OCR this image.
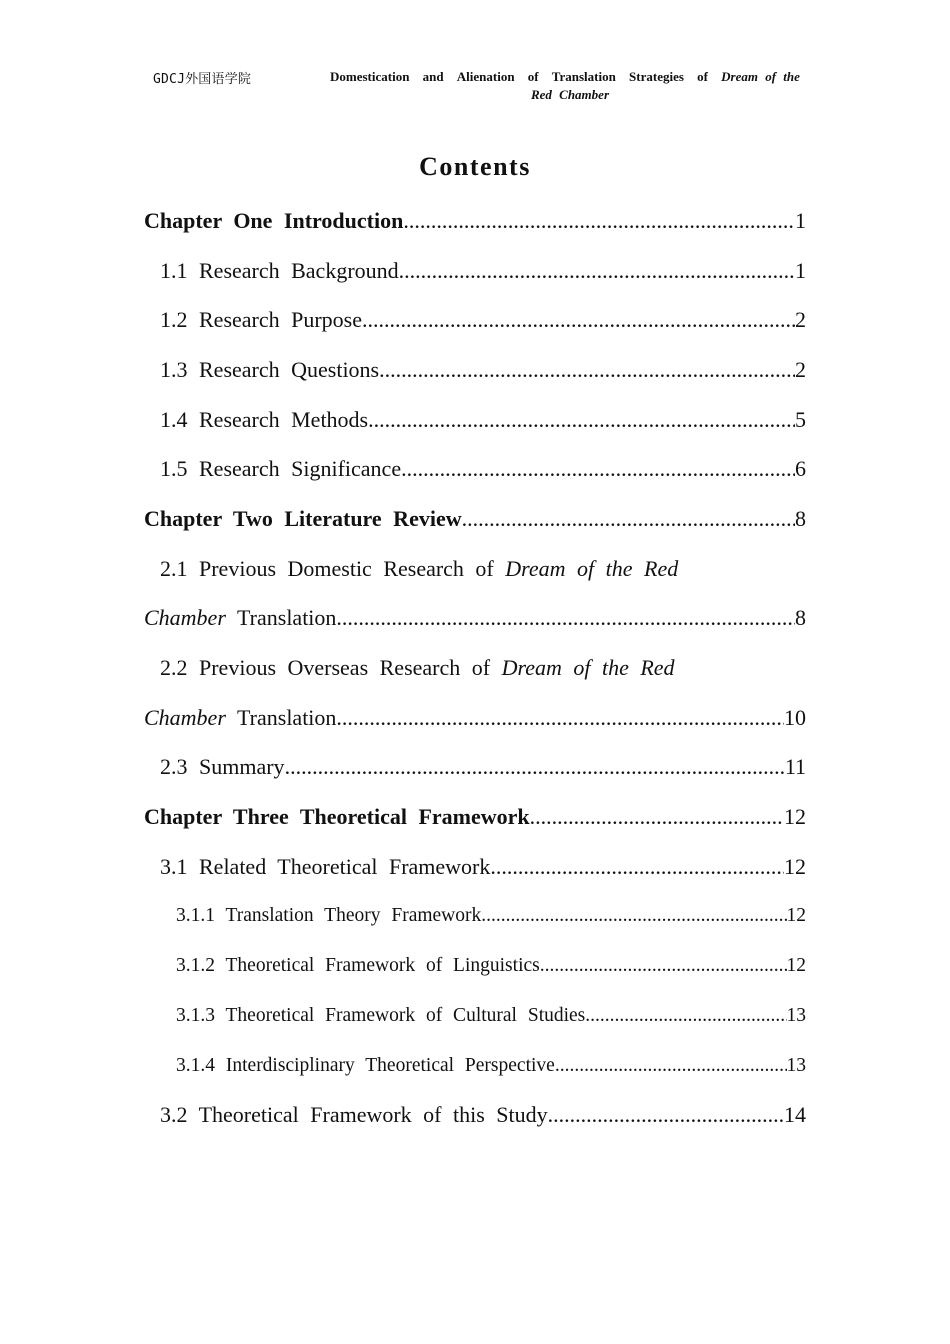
GDCJ外国语学院	Domestication and Alienation of Translation Strategies of Dream of the
Red Chamber
Contents
Chapter One Introduction .....	1
1.1 Research Background .....	1
1.2 Research Purpose .....	2
1.3 Research Questions .....	2
1.4 Research Methods .....	5
1.5 Research Significance .....	6
Chapter Two Literature Review .....	8
2.1 Previous Domestic Research of Dream of the Red
Chamber Translation .....	8
2.2 Previous Overseas Research of Dream of the Red
Chamber Translation .....	10
2.3 Summary .....	11
Chapter Three Theoretical Framework .....	12
3.1 Related Theoretical Framework .....	12
3.1.1 Translation Theory Framework .....	12
3.1.2 Theoretical Framework of Linguistics .....	12
3.1.3 Theoretical Framework of Cultural Studies .....	13
3.1.4 Interdisciplinary Theoretical Perspective .....	13
3.2 Theoretical Framework of this Study .....	14
